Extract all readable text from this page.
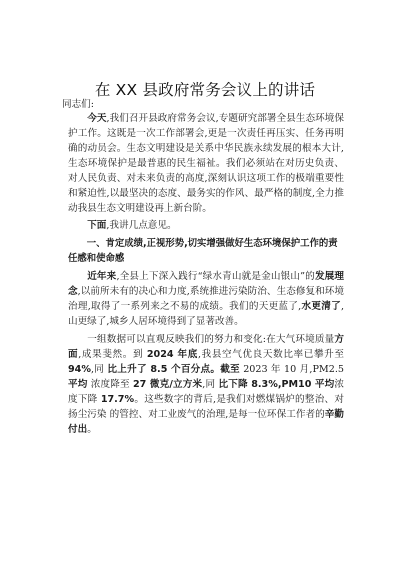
在 XX 县政府常务会议上的讲话
同志们:

今天,我们召开县政府常务会议,专题研究部署全县生态环境保护工作。这既是一次工作部署会,更是一次责任再压实、任务再明确的动员会。生态文明建设是关系中华民族永续发展的根本大计,生态环境保护是最普惠的民生福祉。我们必须站在对历史负责、对人民负责、对未来负责的高度,深刻认识这项工作的极端重要性和紧迫性,以最坚决的态度、最务实的作风、最严格的制度,全力推动我县生态文明建设再上新台阶。

下面,我讲几点意见。

一、肯定成绩,正视形势,切实增强做好生态环境保护工作的责任感和使命感

近年来,全县上下深入践行“绿水青山就是金山银山”的发展理念,以前所未有的决心和力度,系统推进污染防治、生态修复和环境治理,取得了一系列来之不易的成绩。我们的天更蓝了,水更清了,山更绿了,城乡人居环境得到了显著改善。

一组数据可以直观反映我们的努力和变化:在大气环境质量方面,成果斐然。到 2024 年底,我县空气优良天数比率已攀升至 94%,同 比上升了 8.5 个百分点。截至 2023 年 10 月,PM2.5 平均 浓度降至 27 微克/立方米,同 比下降 8.3%,PM10 平均浓度下降 17.7%。这些数字的背后,是我们对燃煤锅炉的整治、对扬尘污染 的管控、对工业废气的治理,是每一位环保工作者的辛勤付出。
